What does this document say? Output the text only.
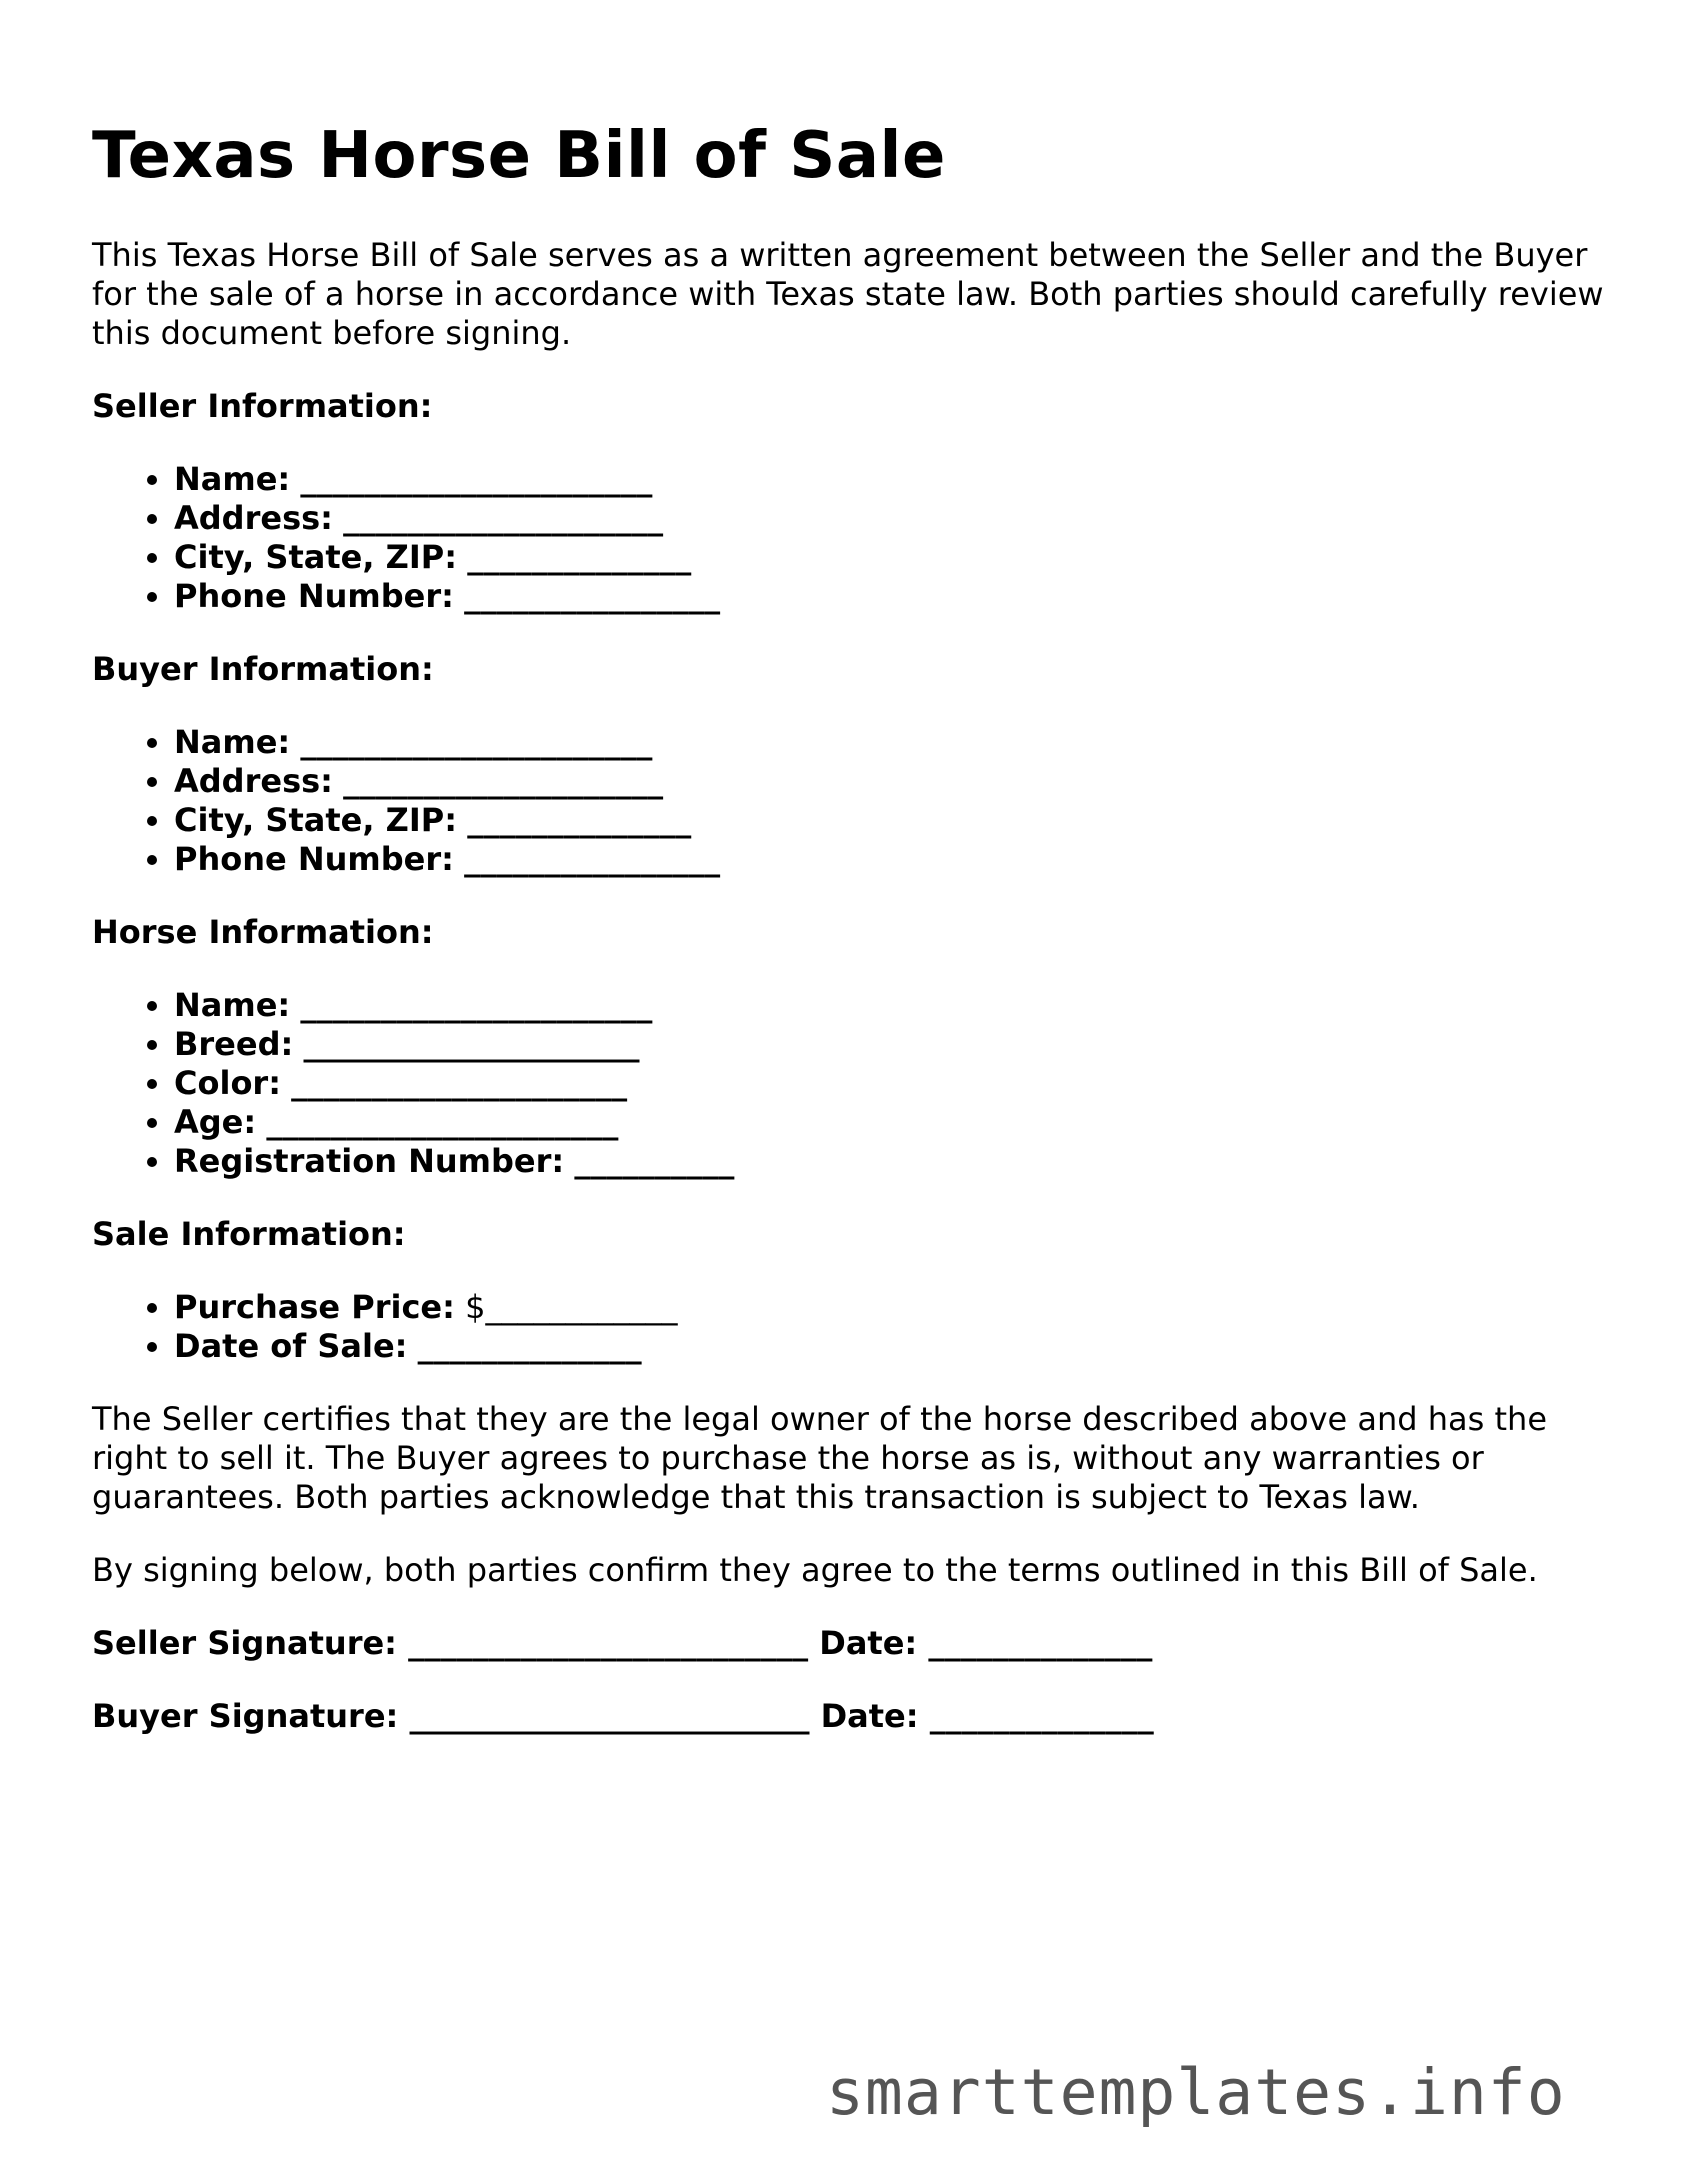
Texas Horse Bill of Sale

This Texas Horse Bill of Sale serves as a written agreement between the Seller and the Buyer for the sale of a horse in accordance with Texas state law. Both parties should carefully review this document before signing.

Seller Information:

• Name: ______________________
• Address: ____________________
• City, State, ZIP: ______________
• Phone Number: ________________

Buyer Information:

• Name: ______________________
• Address: ____________________
• City, State, ZIP: ______________
• Phone Number: ________________

Horse Information:

• Name: ______________________
• Breed: _____________________
• Color: _____________________
• Age: ______________________
• Registration Number: __________

Sale Information:

• Purchase Price: $____________
• Date of Sale: ______________

The Seller certifies that they are the legal owner of the horse described above and has the right to sell it. The Buyer agrees to purchase the horse as is, without any warranties or guarantees. Both parties acknowledge that this transaction is subject to Texas law.

By signing below, both parties confirm they agree to the terms outlined in this Bill of Sale.

Seller Signature: _________________________ Date: ______________

Buyer Signature: _________________________ Date: ______________

smarttemplates.info
